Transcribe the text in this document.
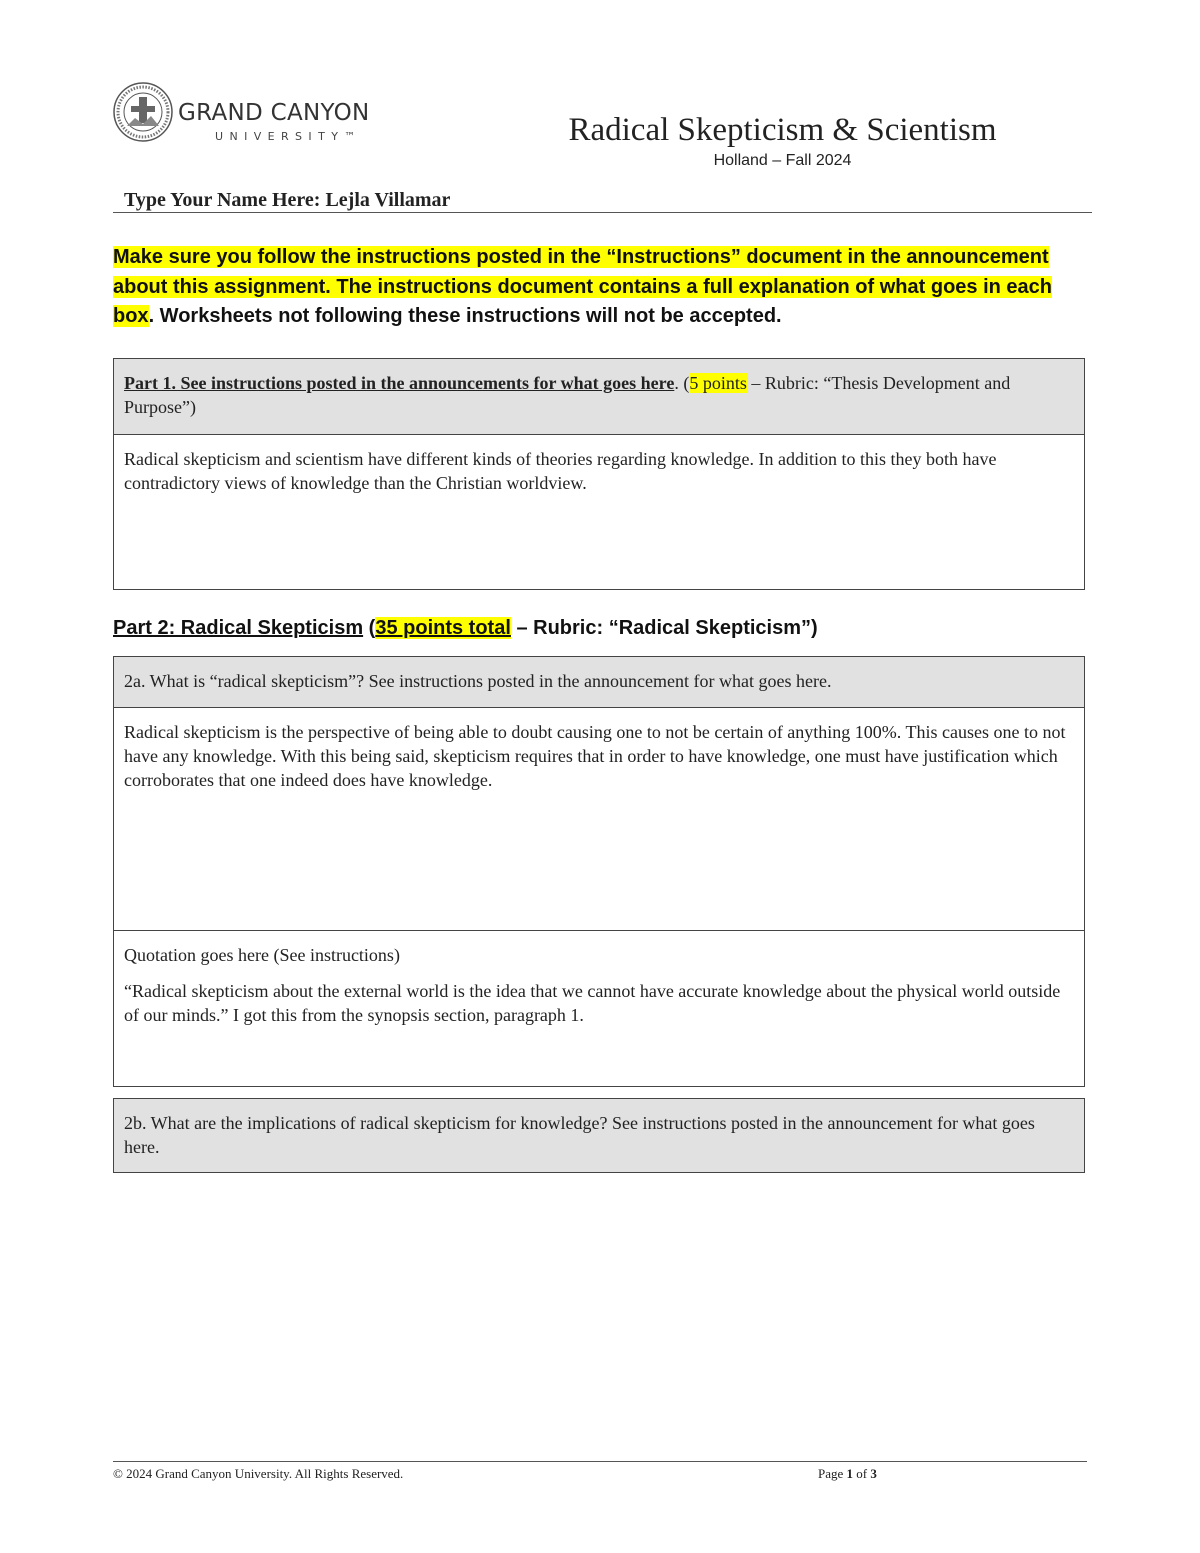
GRAND CANYON
UNIVERSITY™	Radical Skepticism & Scientism
Holland – Fall 2024
Type Your Name Here: Lejla Villamar
Make sure you follow the instructions posted in the “Instructions” document in the announcement about this assignment. The instructions document contains a full explanation of what goes in each box. Worksheets not following these instructions will not be accepted.
Part 1. See instructions posted in the announcements for what goes here. (5 points – Rubric: “Thesis Development and Purpose”)
Radical skepticism and scientism have different kinds of theories regarding knowledge. In addition to this they both have contradictory views of knowledge than the Christian worldview.
Part 2: Radical Skepticism (35 points total – Rubric: “Radical Skepticism”)
2a. What is “radical skepticism”? See instructions posted in the announcement for what goes here.
Radical skepticism is the perspective of being able to doubt causing one to not be certain of anything 100%. This causes one to not have any knowledge. With this being said, skepticism requires that in order to have knowledge, one must have justification which corroborates that one indeed does have knowledge.

Quotation goes here (See instructions)

“Radical skepticism about the external world is the idea that we cannot have accurate knowledge about the physical world outside of our minds.” I got this from the synopsis section, paragraph 1.

2b. What are the implications of radical skepticism for knowledge? See instructions posted in the announcement for what goes here.
© 2024 Grand Canyon University. All Rights Reserved.	Page 1 of 3
